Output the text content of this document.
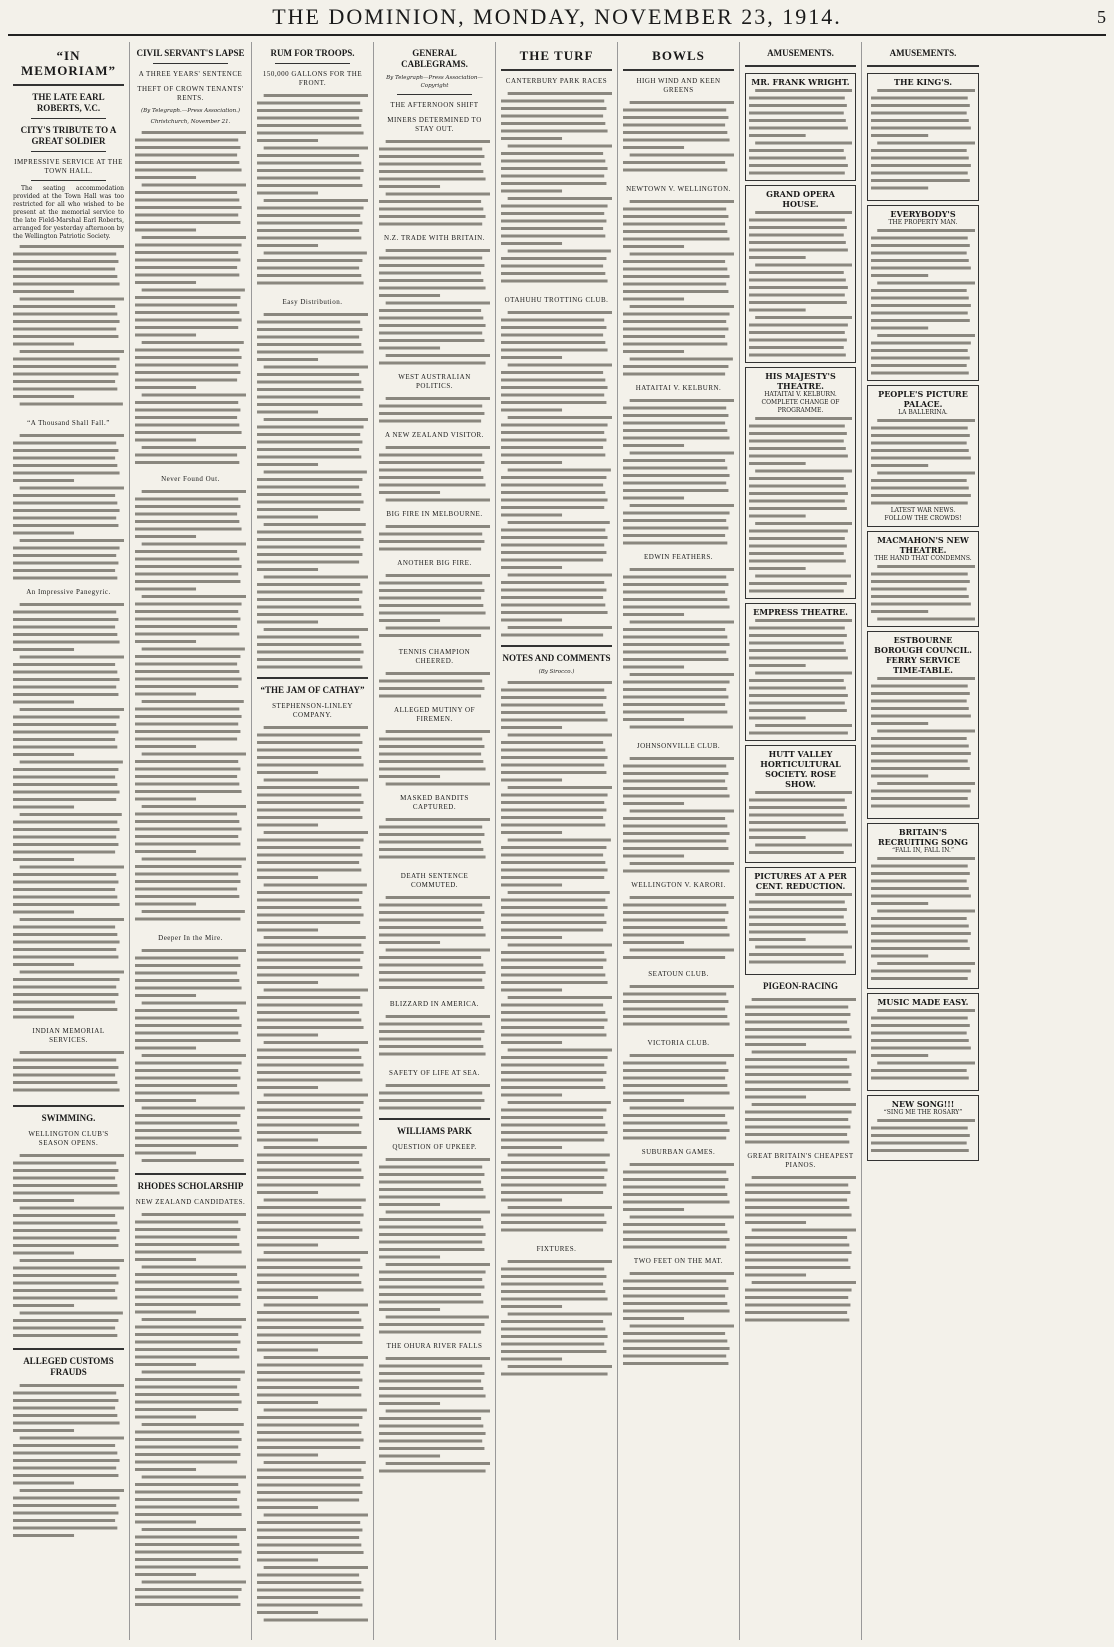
THE DOMINION, MONDAY, NOVEMBER 23, 1914.	5
“IN MEMORIAM”
THE LATE EARL ROBERTS, V.C.
CITY'S TRIBUTE TO A GREAT SOLDIER
IMPRESSIVE SERVICE AT THE TOWN HALL.

The seating accommodation provided at the Town Hall was too restricted for all who wished to be present at the memorial service to the late Field-Marshal Earl Roberts, arranged for yesterday afternoon by the Wellington Patriotic Society.

“A Thousand Shall Fall.”
An Impressive Panegyric.
INDIAN MEMORIAL SERVICES.
SWIMMING.
WELLINGTON CLUB'S SEASON OPENS.
ALLEGED CUSTOMS FRAUDS
CIVIL SERVANT'S LAPSE
A THREE YEARS' SENTENCE
THEFT OF CROWN TENANTS' RENTS.
(By Telegraph.—Press Association.)
Christchurch, November 21.
Never Found Out.
Deeper In the Mire.
RHODES SCHOLARSHIP
NEW ZEALAND CANDIDATES.
RUM FOR TROOPS.
150,000 GALLONS FOR THE FRONT.
Easy Distribution.
“THE JAM OF CATHAY”
STEPHENSON-LINLEY COMPANY.
GENERAL CABLEGRAMS.
By Telegraph—Press Association—Copyright
THE AFTERNOON SHIFT
MINERS DETERMINED TO STAY OUT.
N.Z. TRADE WITH BRITAIN.
WEST AUSTRALIAN POLITICS.
A NEW ZEALAND VISITOR.
BIG FIRE IN MELBOURNE.
ANOTHER BIG FIRE.
TENNIS CHAMPION CHEERED.
ALLEGED MUTINY OF FIREMEN.
MASKED BANDITS CAPTURED.
DEATH SENTENCE COMMUTED.
BLIZZARD IN AMERICA.
SAFETY OF LIFE AT SEA.
WILLIAMS PARK
QUESTION OF UPKEEP.
THE OHURA RIVER FALLS
THE TURF
CANTERBURY PARK RACES
OTAHUHU TROTTING CLUB.
NOTES AND COMMENTS
(By Sirocco.)
FIXTURES.
BOWLS
HIGH WIND AND KEEN GREENS
NEWTOWN V. WELLINGTON.
HATAITAI V. KELBURN.
EDWIN FEATHERS.
JOHNSONVILLE CLUB.
WELLINGTON V. KARORI.
SEATOUN CLUB.
VICTORIA CLUB.
SUBURBAN GAMES.
TWO FEET ON THE MAT.
AMUSEMENTS.
MR. FRANK WRIGHT.
GRAND OPERA HOUSE.
HIS MAJESTY'S THEATRE.
HATAITAI V. KELBURN.
COMPLETE CHANGE OF PROGRAMME.
EMPRESS THEATRE.
HUTT VALLEY HORTICULTURAL SOCIETY. ROSE SHOW.
PICTURES AT A PER CENT. REDUCTION.
PIGEON-RACING
GREAT BRITAIN'S CHEAPEST PIANOS.
AMUSEMENTS.
THE KING'S.
EVERYBODY'S
THE PROPERTY MAN.
PEOPLE'S PICTURE PALACE.
LA BALLERINA.
LATEST WAR NEWS.
FOLLOW THE CROWDS!
MACMAHON'S NEW THEATRE.
THE HAND THAT CONDEMNS.
ESTBOURNE BOROUGH COUNCIL. FERRY SERVICE TIME-TABLE.
BRITAIN'S RECRUITING SONG
“FALL IN, FALL IN.”
MUSIC MADE EASY.
NEW SONG!!!
“SING ME THE ROSARY”
